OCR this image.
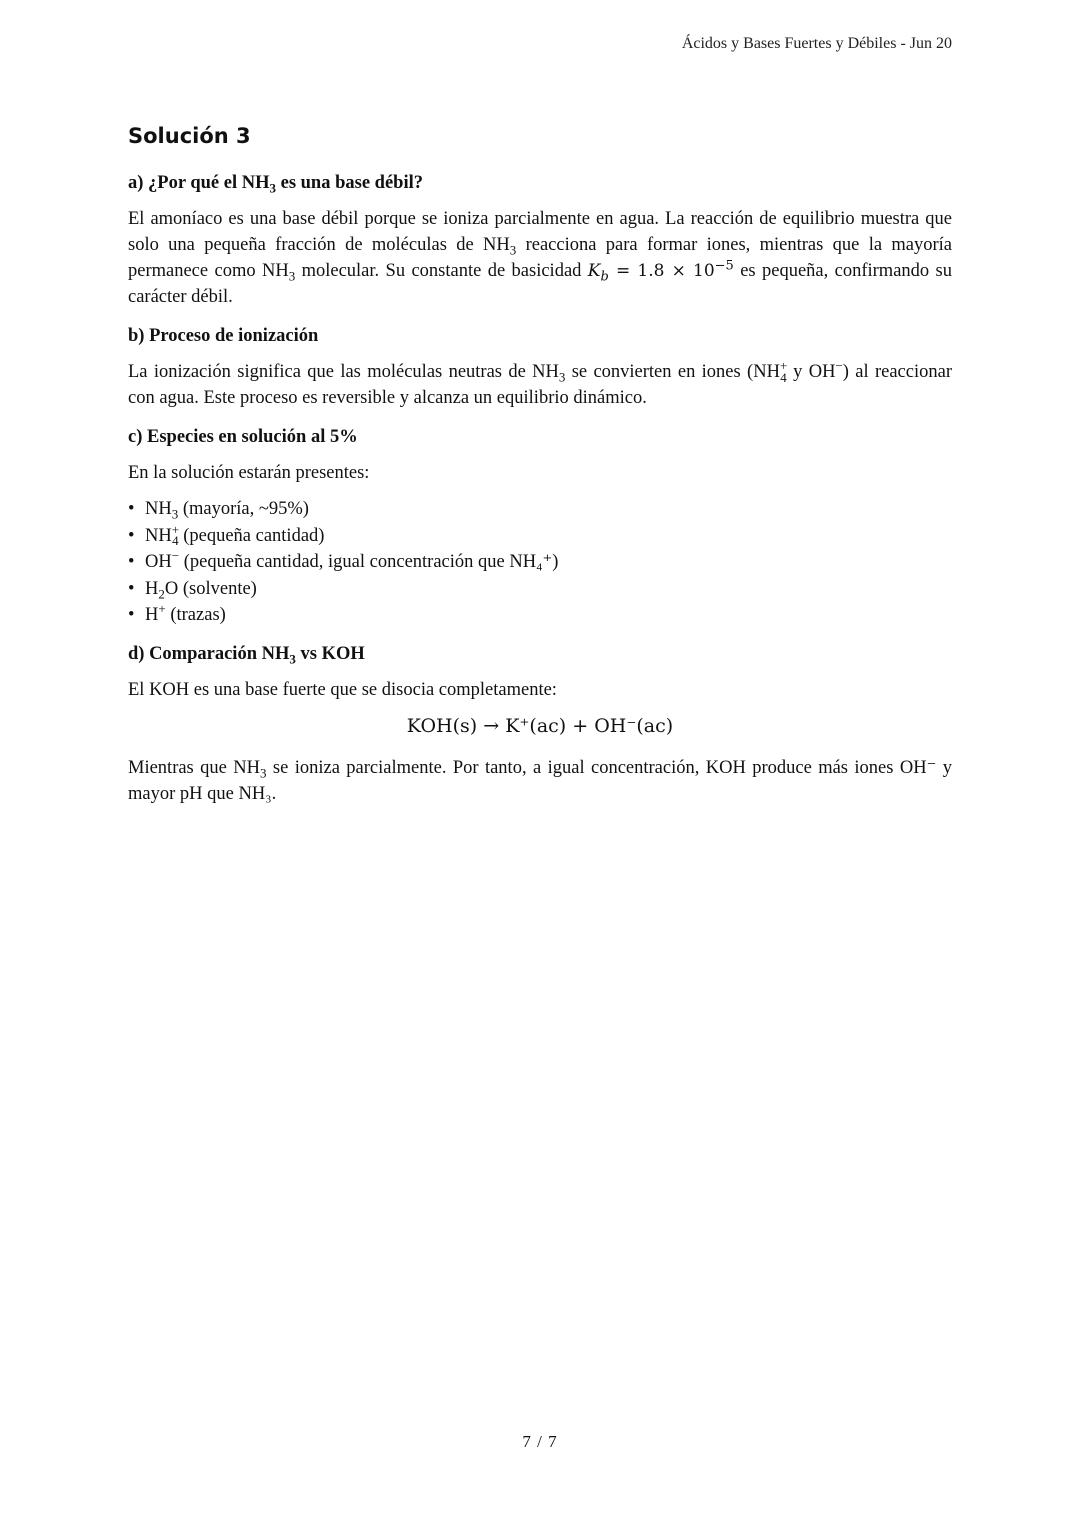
Ácidos y Bases Fuertes y Débiles - Jun 20
Solución 3
a) ¿Por qué el $NH_3$ es una base débil?

El amoníaco es una base débil porque se ioniza parcialmente en agua. La reacción de equilibrio muestra que solo una pequeña fracción de moléculas de $NH_3$ reacciona para formar iones, mientras que la mayoría permanece como $NH_3$ molecular. Su constante de basicidad $K_b = 1.8 \times 10^{-5}$ es pequeña, confirmando su carácter débil.

b) Proceso de ionización

La ionización significa que las moléculas neutras de $NH_3$ se convierten en iones ($NH^+_4$ y OH−) al reaccionar con agua. Este proceso es reversible y alcanza un equilibrio dinámico.

c) Especies en solución al 5%

En la solución estarán presentes:

• $NH_3$ (mayoría, ~95%)
• $NH^+_4$ (pequeña cantidad)
• OH− (pequeña cantidad, igual concentración que NH₄⁺)
• $H_2O$ (solvente)
• H+ (trazas)
d) Comparación $NH_3$ vs KOH

El KOH es una base fuerte que se disocia completamente:

KOH(s) → K⁺(ac) + OH⁻(ac)

Mientras que $NH_3$ se ioniza parcialmente. Por tanto, a igual concentración, KOH produce más iones OH⁻ y mayor pH que NH₃.

7 / 7
